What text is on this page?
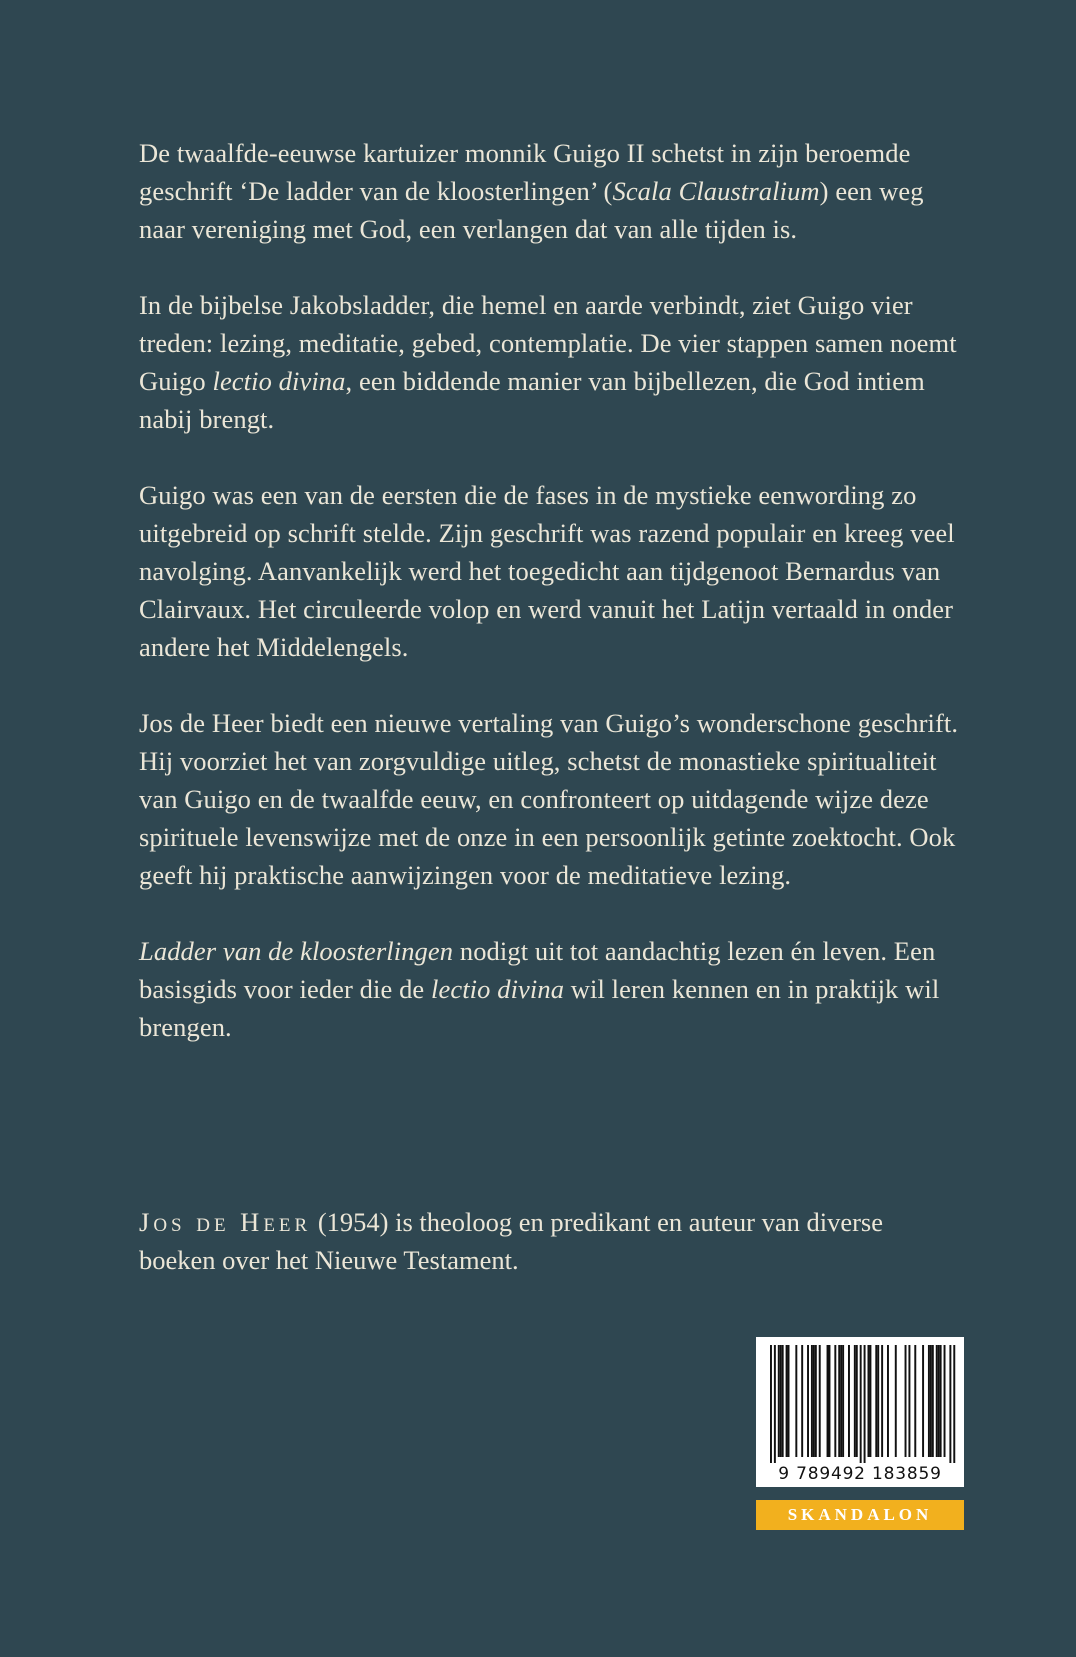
De twaalfde-eeuwse kartuizer monnik Guigo II schetst in zijn beroemde geschrift ‘De ladder van de kloosterlingen’ (Scala Claustralium) een weg naar vereniging met God, een verlangen dat van alle tijden is.

In de bijbelse Jakobsladder, die hemel en aarde verbindt, ziet Guigo vier treden: lezing, meditatie, gebed, contemplatie. De vier stappen samen noemt Guigo lectio divina, een biddende manier van bijbellezen, die God intiem nabij brengt.

Guigo was een van de eersten die de fases in de mystieke eenwording zo uitgebreid op schrift stelde. Zijn geschrift was razend populair en kreeg veel navolging. Aanvankelijk werd het toegedicht aan tijdgenoot Bernardus van Clairvaux. Het circuleerde volop en werd vanuit het Latijn vertaald in onder andere het Middelengels.

Jos de Heer biedt een nieuwe vertaling van Guigo’s wonderschone geschrift. Hij voorziet het van zorgvuldige uitleg, schetst de monastieke spiritualiteit van Guigo en de twaalfde eeuw, en confronteert op uitdagende wijze deze spirituele levenswijze met de onze in een persoonlijk getinte zoektocht. Ook geeft hij praktische aanwijzingen voor de meditatieve lezing.

Ladder van de kloosterlingen nodigt uit tot aandachtig lezen én leven. Een basisgids voor ieder die de lectio divina wil leren kennen en in praktijk wil brengen.

Jos de Heer (1954) is theoloog en predikant en auteur van diverse boeken over het Nieuwe Testament.
9 789492 183859
SKANDALON
